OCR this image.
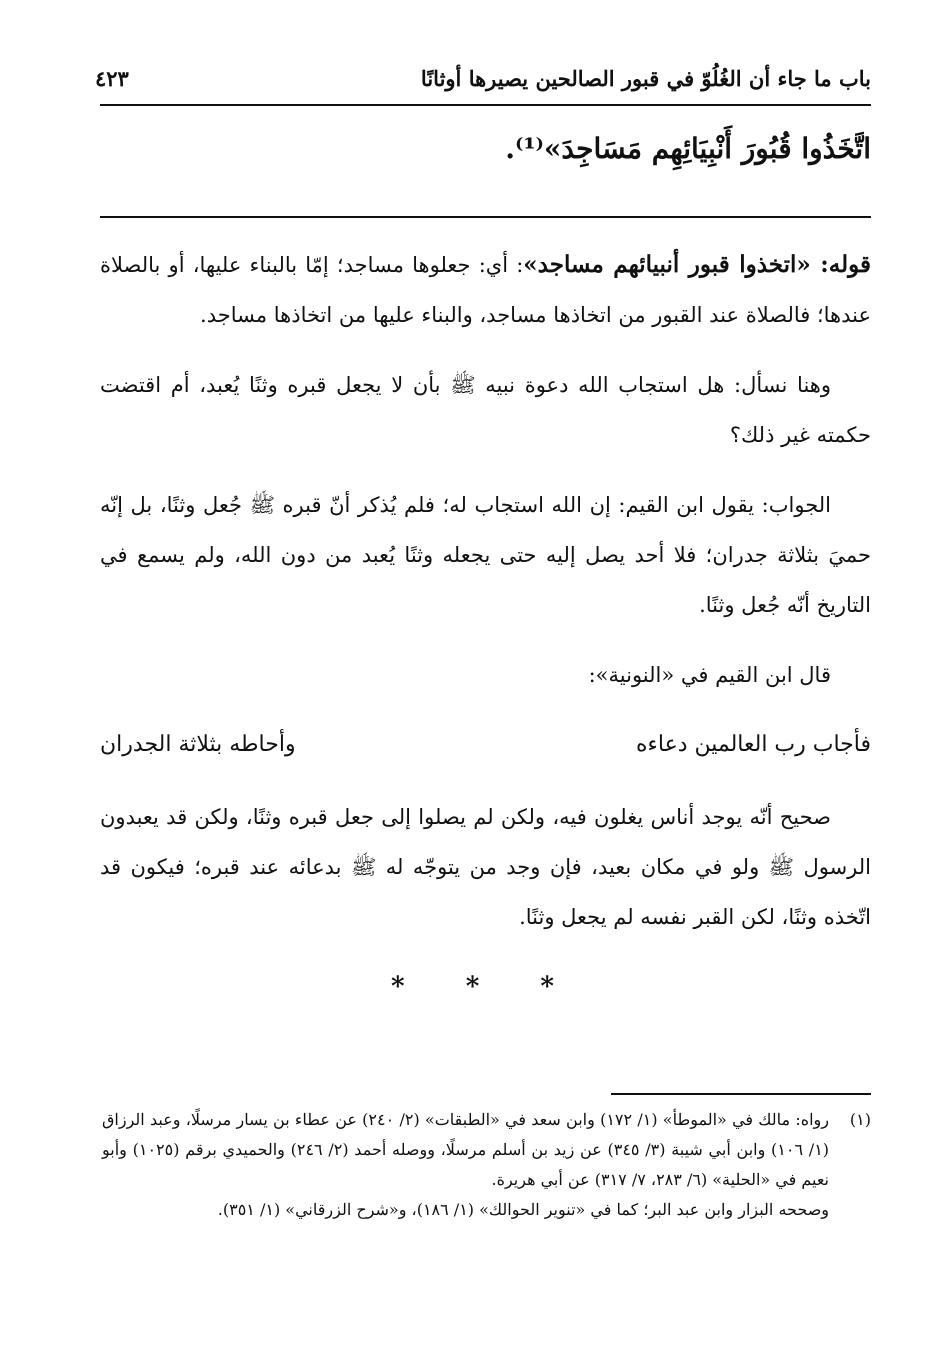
باب ما جاء أن الغُلُوّ في قبور الصالحين يصيرها أوثانًا
٤٢٣
اتَّخَذُوا قُبُورَ أَنْبِيَائِهِم مَسَاجِدَ»⁽¹⁾.

قوله: «اتخذوا قبور أنبيائهم مساجد»: أي: جعلوها مساجد؛ إمّا بالبناء عليها، أو بالصلاة عندها؛ فالصلاة عند القبور من اتخاذها مساجد، والبناء عليها من اتخاذها مساجد.

وهنا نسأل: هل استجاب الله دعوة نبيه ﷺ بأن لا يجعل قبره وثنًا يُعبد، أم اقتضت حكمته غير ذلك؟

الجواب: يقول ابن القيم: إن الله استجاب له؛ فلم يُذكر أنّ قبره ﷺ جُعل وثنًا، بل إنّه حميَ بثلاثة جدران؛ فلا أحد يصل إليه حتى يجعله وثنًا يُعبد من دون الله، ولم يسمع في التاريخ أنّه جُعل وثنًا.

قال ابن القيم في «النونية»:

فأجاب رب العالمين دعاءه
وأحاطه بثلاثة الجدران

صحيح أنّه يوجد أناس يغلون فيه، ولكن لم يصلوا إلى جعل قبره وثنًا، ولكن قد يعبدون الرسول ﷺ ولو في مكان بعيد، فإن وجد من يتوجّه له ﷺ بدعائه عند قبره؛ فيكون قد اتّخذه وثنًا، لكن القبر نفسه لم يجعل وثنًا.

* * *
(١)
رواه: مالك في «الموطأ» (١/ ١٧٢) وابن سعد في «الطبقات» (٢/ ٢٤٠) عن عطاء بن يسار مرسلًا، وعبد الرزاق (١/ ١٠٦) وابن أبي شيبة (٣/ ٣٤٥) عن زيد بن أسلم مرسلًا، ووصله أحمد (٢/ ٢٤٦) والحميدي برقم (١٠٢٥) وأبو نعيم في «الحلية» (٦/ ٢٨٣، ٧/ ٣١٧) عن أبي هريرة.
وصححه البزار وابن عبد البر؛ كما في «تنوير الحوالك» (١/ ١٨٦)، و«شرح الزرقاني» (١/ ٣٥١).
